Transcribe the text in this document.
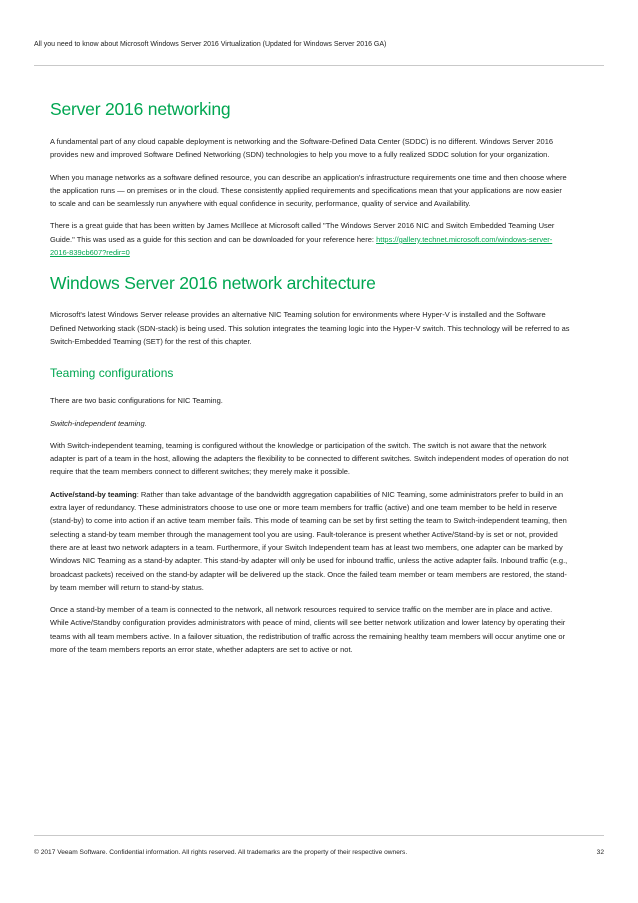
All you need to know about Microsoft Windows Server 2016 Virtualization (Updated for Windows Server 2016 GA)
Server 2016 networking

A fundamental part of any cloud capable deployment is networking and the Software-Defined Data Center (SDDC) is no different. Windows Server 2016 provides new and improved Software Defined Networking (SDN) technologies to help you move to a fully realized SDDC solution for your organization.

When you manage networks as a software defined resource, you can describe an application's infrastructure requirements one time and then choose where the application runs — on premises or in the cloud. These consistently applied requirements and specifications mean that your applications are now easier to scale and can be seamlessly run anywhere with equal confidence in security, performance, quality of service and Availability.

There is a great guide that has been written by James McIllece at Microsoft called "The Windows Server 2016 NIC and Switch Embedded Teaming User Guide." This was used as a guide for this section and can be downloaded for your reference here: https://gallery.technet.microsoft.com/windows-server-2016-839cb607?redir=0

Windows Server 2016 network architecture

Microsoft's latest Windows Server release provides an alternative NIC Teaming solution for environments where Hyper-V is installed and the Software Defined Networking stack (SDN-stack) is being used. This solution integrates the teaming logic into the Hyper-V switch. This technology will be referred to as Switch-Embedded Teaming (SET) for the rest of this chapter.

Teaming configurations

There are two basic configurations for NIC Teaming.

Switch-independent teaming.

With Switch-independent teaming, teaming is configured without the knowledge or participation of the switch. The switch is not aware that the network adapter is part of a team in the host, allowing the adapters the flexibility to be connected to different switches. Switch independent modes of operation do not require that the team members connect to different switches; they merely make it possible.

Active/stand-by teaming: Rather than take advantage of the bandwidth aggregation capabilities of NIC Teaming, some administrators prefer to build in an extra layer of redundancy. These administrators choose to use one or more team members for traffic (active) and one team member to be held in reserve (stand-by) to come into action if an active team member fails. This mode of teaming can be set by first setting the team to Switch-independent teaming, then selecting a stand-by team member through the management tool you are using. Fault-tolerance is present whether Active/Stand-by is set or not, provided there are at least two network adapters in a team. Furthermore, if your Switch Independent team has at least two members, one adapter can be marked by Windows NIC Teaming as a stand-by adapter. This stand-by adapter will only be used for inbound traffic, unless the active adapter fails. Inbound traffic (e.g., broadcast packets) received on the stand-by adapter will be delivered up the stack. Once the failed team member or team members are restored, the stand-by team member will return to stand-by status.

Once a stand-by member of a team is connected to the network, all network resources required to service traffic on the member are in place and active. While Active/Standby configuration provides administrators with peace of mind, clients will see better network utilization and lower latency by operating their teams with all team members active. In a failover situation, the redistribution of traffic across the remaining healthy team members will occur anytime one or more of the team members reports an error state, whether adapters are set to active or not.

© 2017 Veeam Software. Confidential information. All rights reserved. All trademarks are the property of their respective owners.	32
